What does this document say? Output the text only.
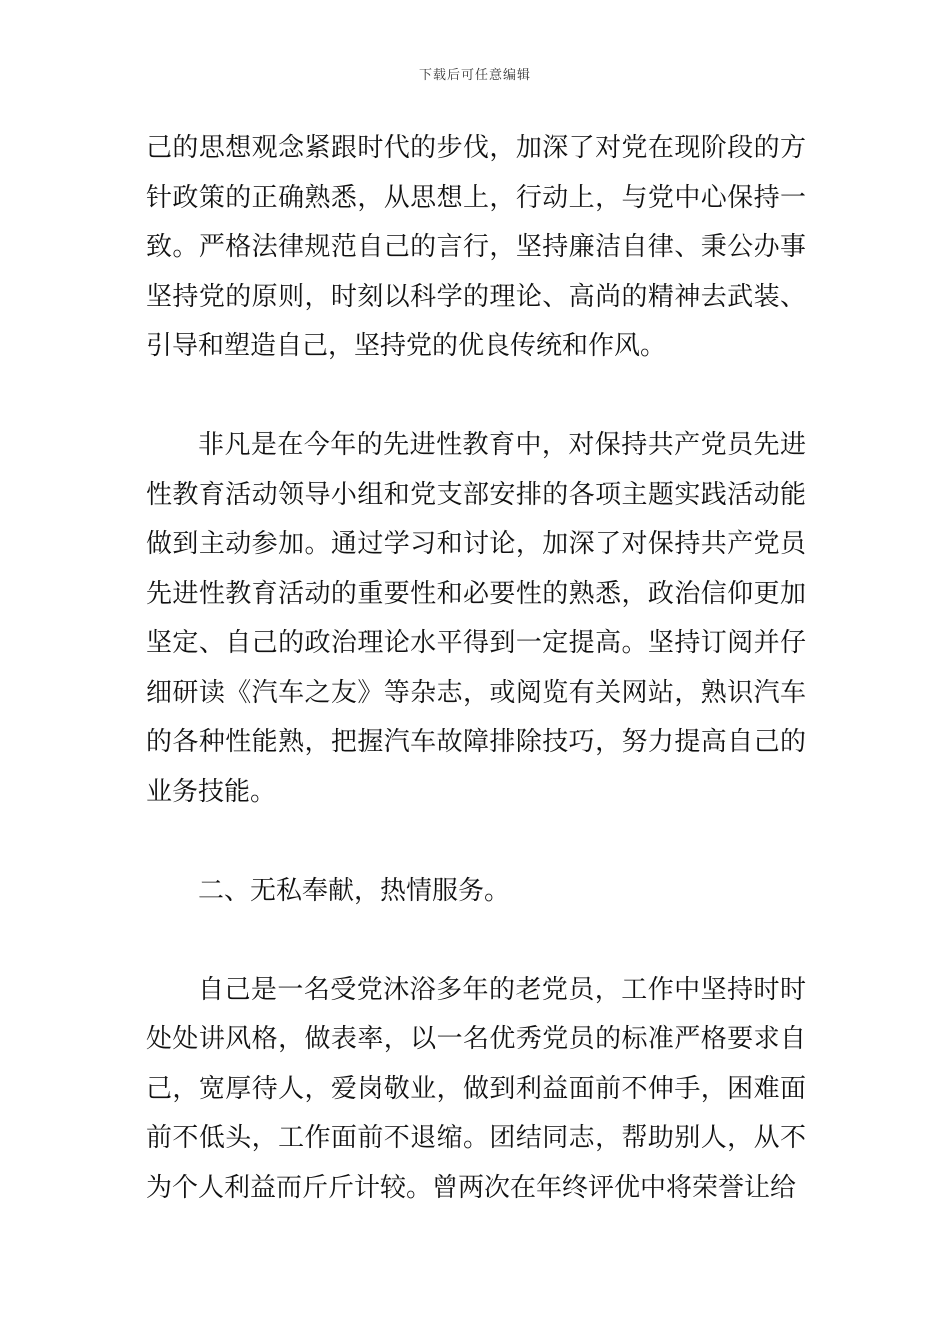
下载后可任意编辑

己的思想观念紧跟时代的步伐，加深了对党在现阶段的方针政策的正确熟悉，从思想上，行动上，与党中心保持一致。严格法律规范自己的言行，坚持廉洁自律、秉公办事坚持党的原则，时刻以科学的理论、高尚的精神去武装、引导和塑造自己，坚持党的优良传统和作风。

非凡是在今年的先进性教育中，对保持共产党员先进性教育活动领导小组和党支部安排的各项主题实践活动能做到主动参加。通过学习和讨论，加深了对保持共产党员先进性教育活动的重要性和必要性的熟悉，政治信仰更加坚定、自己的政治理论水平得到一定提高。坚持订阅并仔细研读《汽车之友》等杂志，或阅览有关网站，熟识汽车的各种性能熟，把握汽车故障排除技巧，努力提高自己的业务技能。

二、无私奉献，热情服务。

自己是一名受党沐浴多年的老党员，工作中坚持时时处处讲风格，做表率，以一名优秀党员的标准严格要求自己，宽厚待人，爱岗敬业，做到利益面前不伸手，困难面前不低头，工作面前不退缩。团结同志，帮助别人，从不为个人利益而斤斤计较。曾两次在年终评优中将荣誉让给
